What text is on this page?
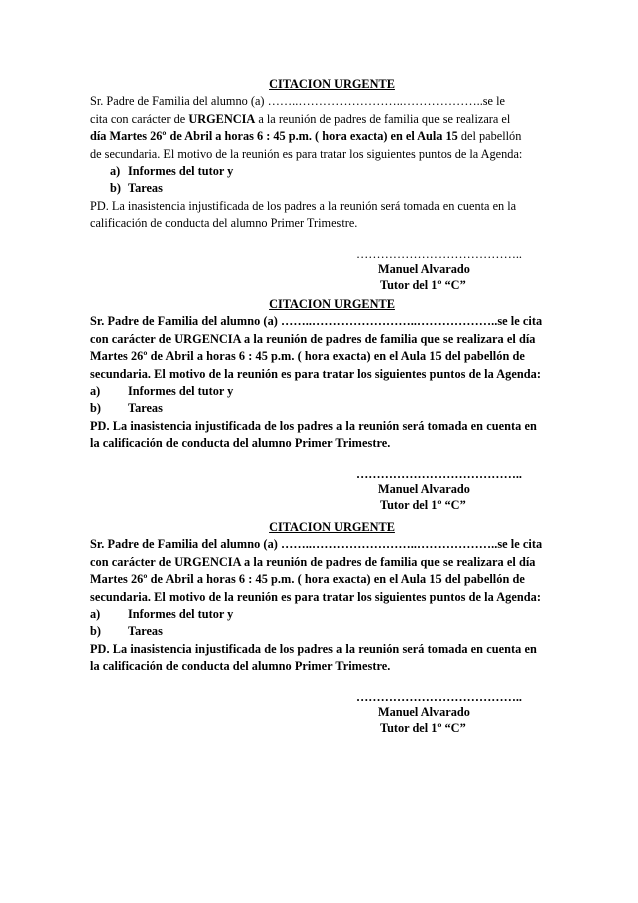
CITACION URGENTE

Sr. Padre de Familia del alumno (a) ……..……………………..………………..se le
cita con carácter de URGENCIA a la reunión de padres de familia que se realizara el
día Martes 26º de Abril a horas 6 : 45 p.m. ( hora exacta) en el Aula 15 del pabellón
de secundaria. El motivo de la reunión es para tratar los siguientes puntos de la Agenda:

a) Informes del tutor y
b) Tareas

PD. La inasistencia injustificada de los padres a la reunión será tomada en cuenta en la calificación de conducta del alumno Primer Trimestre.

…………………………………..
Manuel Alvarado
Tutor del 1º “C”
CITACION URGENTE

Sr. Padre de Familia del alumno (a) ……..……………………..………………..se le cita con carácter de URGENCIA a la reunión de padres de familia que se realizara el día Martes 26º de Abril a horas 6 : 45 p.m. ( hora exacta) en el Aula 15 del pabellón de secundaria. El motivo de la reunión es para tratar los siguientes puntos de la Agenda:

a) Informes del tutor y
b) Tareas

PD. La inasistencia injustificada de los padres a la reunión será tomada en cuenta en la calificación de conducta del alumno Primer Trimestre.

…………………………………..
Manuel Alvarado
Tutor del 1º “C”
CITACION URGENTE

Sr. Padre de Familia del alumno (a) ……..……………………..………………..se le cita con carácter de URGENCIA a la reunión de padres de familia que se realizara el día Martes 26º de Abril a horas 6 : 45 p.m. ( hora exacta) en el Aula 15 del pabellón de secundaria. El motivo de la reunión es para tratar los siguientes puntos de la Agenda:

a) Informes del tutor y
b) Tareas

PD. La inasistencia injustificada de los padres a la reunión será tomada en cuenta en la calificación de conducta del alumno Primer Trimestre.

…………………………………..
Manuel Alvarado
Tutor del 1º “C”
